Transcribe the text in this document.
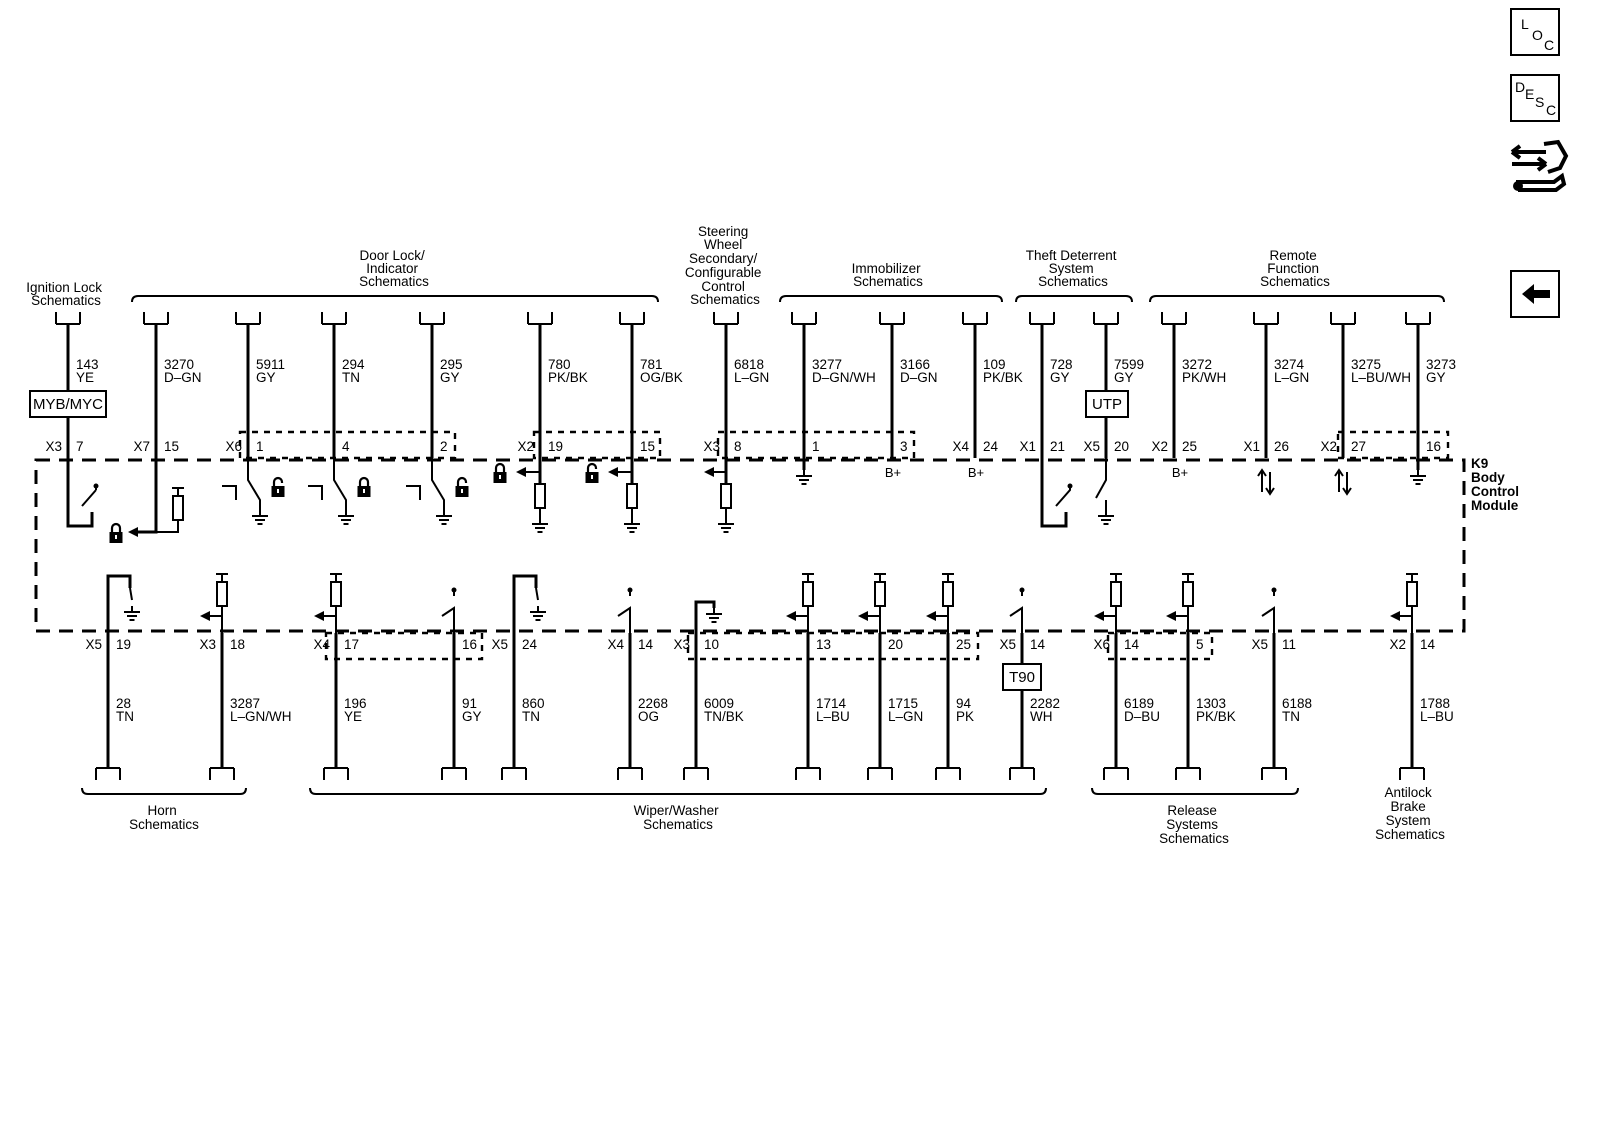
L
O
C
D E S C
K9 Body Control Module
Ignition Lock Schematics
Door Lock/ Indicator Schematics
Steering Wheel Secondary/ Configurable Control Schematics
Immobilizer Schematics
Theft Deterrent System Schematics
Remote Function Schematics
Horn Schematics
Wiper/Washer Schematics
Release Systems Schematics
Antilock Brake System Schematics
MYB/MYC	UTP
T90
143
YE
7
X3
3270
D–GN
15
X7
5911
GY
1
X6
294
TN
4
295
GY
2
780
PK/BK
19
X2
781
OG/BK
15
6818
L–GN
8
X3
3277
D–GN/WH
1
3166
D–GN
3
109
PK/BK
24
X4
728
GY
21
X1
7599
GY
20
X5
3272
PK/WH
25
X2
3274
L–GN
26
X1
3275
L–BU/WH
27
X2
3273
GY
16
19
X5
28
TN
18
X3
3287
L–GN/WH
17
X4
196
YE
16
91
GY
24
X5
860
TN
14
X4
2268
OG
10
X3
6009
TN/BK
13
1714
L–BU
20
1715
L–GN
25
94
PK
14
X5
2282
WH
14
X6
6189
D–BU
5
1303
PK/BK
11
X5
6188
TN
14
X2
1788
L–BU
B+	B+	B+
